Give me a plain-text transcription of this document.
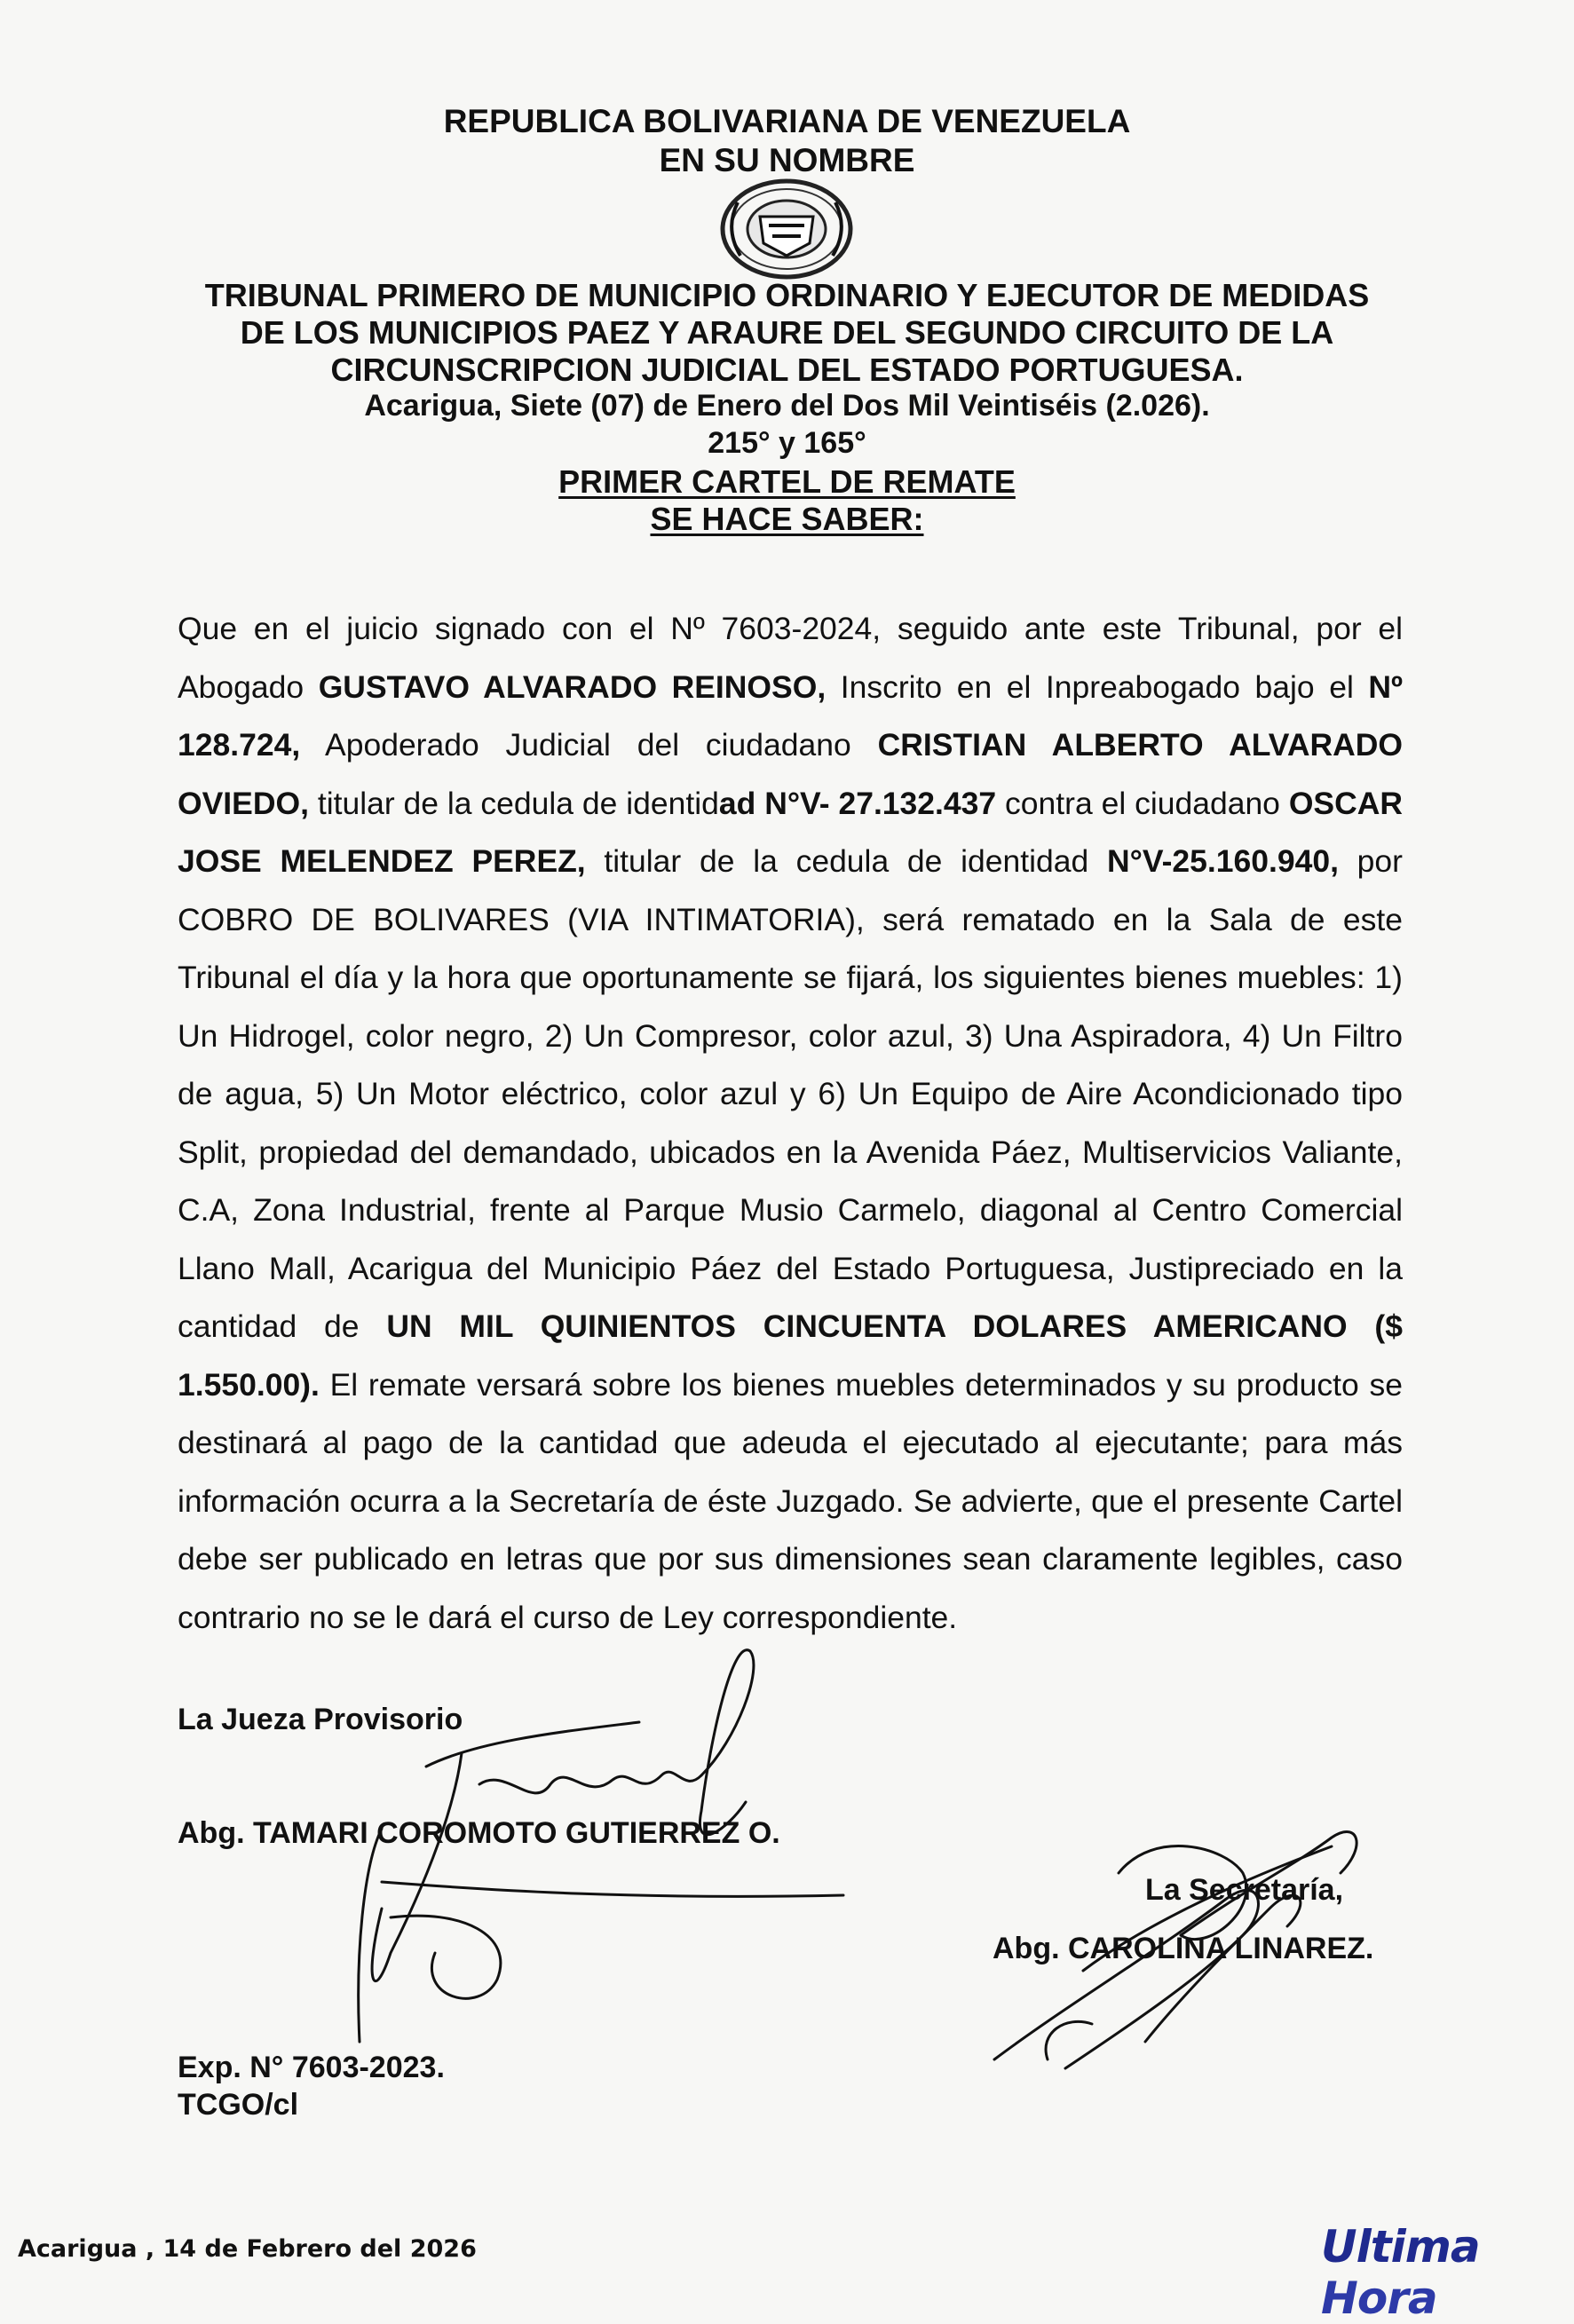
REPUBLICA BOLIVARIANA DE VENEZUELA
EN SU NOMBRE
TRIBUNAL PRIMERO DE MUNICIPIO ORDINARIO Y EJECUTOR DE MEDIDAS
DE LOS MUNICIPIOS PAEZ Y ARAURE DEL SEGUNDO CIRCUITO DE LA
CIRCUNSCRIPCION JUDICIAL DEL ESTADO PORTUGUESA.
Acarigua, Siete (07) de Enero del Dos Mil Veintiséis (2.026).
215° y 165°
PRIMER CARTEL DE REMATE
SE HACE SABER:
Que en el juicio signado con el Nº 7603-2024, seguido ante este Tribunal, por el Abogado GUSTAVO ALVARADO REINOSO, Inscrito en el Inpreabogado bajo el Nº 128.724, Apoderado Judicial del ciudadano CRISTIAN ALBERTO ALVARADO OVIEDO, titular de la cedula de identidad N°V- 27.132.437 contra el ciudadano OSCAR JOSE MELENDEZ PEREZ, titular de la cedula de identidad N°V-25.160.940, por COBRO DE BOLIVARES (VIA INTIMATORIA), será rematado en la Sala de este Tribunal el día y la hora que oportunamente se fijará, los siguientes bienes muebles: 1) Un Hidrogel, color negro, 2) Un Compresor, color azul, 3) Una Aspiradora, 4) Un Filtro de agua, 5) Un Motor eléctrico, color azul y 6) Un Equipo de Aire Acondicionado tipo Split, propiedad del demandado, ubicados en la Avenida Páez, Multiservicios Valiante, C.A, Zona Industrial, frente al Parque Musio Carmelo, diagonal al Centro Comercial Llano Mall, Acarigua del Municipio Páez del Estado Portuguesa, Justipreciado en la cantidad de UN MIL QUINIENTOS CINCUENTA DOLARES AMERICANO ($ 1.550.00). El remate versará sobre los bienes muebles determinados y su producto se destinará al pago de la cantidad que adeuda el ejecutado al ejecutante; para más información ocurra a la Secretaría de éste Juzgado. Se advierte, que el presente Cartel debe ser publicado en letras que por sus dimensiones sean claramente legibles, caso contrario no se le dará el curso de Ley correspondiente.
La Jueza Provisorio
Abg. TAMARI COROMOTO GUTIERREZ O.
La Secretaría,
Abg. CAROLINA LINAREZ.
Exp. N° 7603-2023.
TCGO/cl
Acarigua , 14 de Febrero del 2026	Ultima Hora
